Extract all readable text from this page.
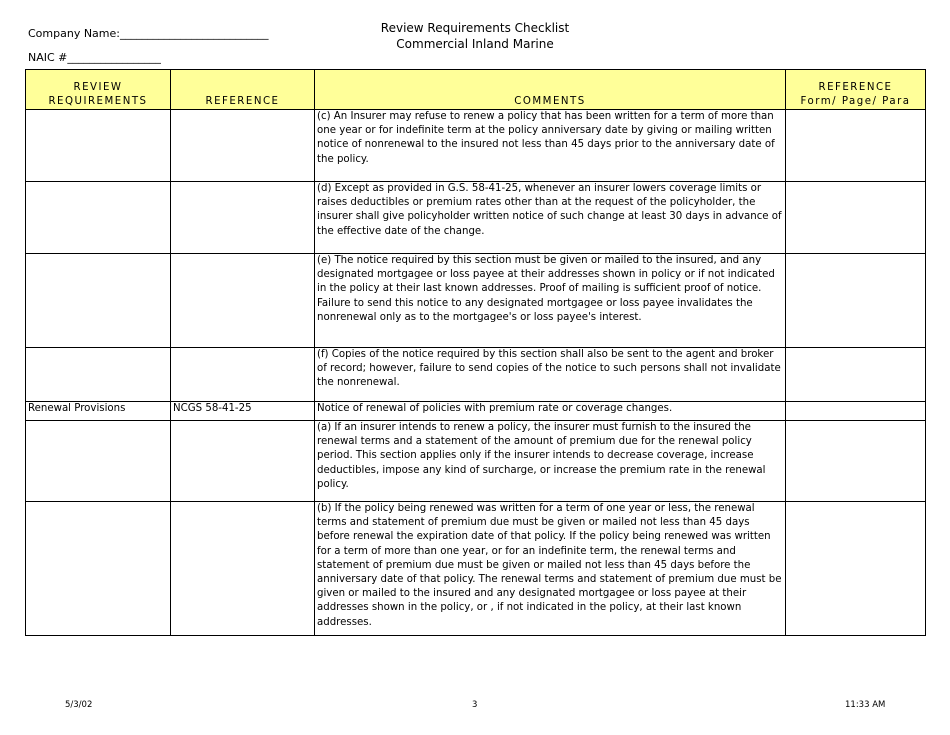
Company Name:___________________________
NAIC #_________________
Review Requirements Checklist
Commercial Inland Marine
REVIEW
REQUIREMENTS	REFERENCE	COMMENTS	REFERENCE
Form/ Page/ Para
		(c) An Insurer may refuse to renew a policy that has been written for a term of more than one year or for indefinite term at the policy anniversary date by giving or mailing written notice of nonrenewal to the insured not less than 45 days prior to the anniversary date of the policy.	
		(d) Except as provided in G.S. 58-41-25, whenever an insurer lowers coverage limits or raises deductibles or premium rates other than at the request of the policyholder, the insurer shall give policyholder written notice of such change at least 30 days in advance of the effective date of the change.	
		(e) The notice required by this section must be given or mailed to the insured, and any designated mortgagee or loss payee at their addresses shown in policy or if not indicated in the policy at their last known addresses. Proof of mailing is sufficient proof of notice. Failure to send this notice to any designated mortgagee or loss payee invalidates the nonrenewal only as to the mortgagee's or loss payee's interest.	
		(f) Copies of the notice required by this section shall also be sent to the agent and broker of record; however, failure to send copies of the notice to such persons shall not invalidate the nonrenewal.	
Renewal Provisions	NCGS 58-41-25	Notice of renewal of policies with premium rate or coverage changes.	
		(a) If an insurer intends to renew a policy, the insurer must furnish to the insured the renewal terms and a statement of the amount of premium due for the renewal policy period. This section applies only if the insurer intends to decrease coverage, increase deductibles, impose any kind of surcharge, or increase the premium rate in the renewal policy.	
		(b) If the policy being renewed was written for a term of one year or less, the renewal terms and statement of premium due must be given or mailed not less than 45 days before renewal the expiration date of that policy. If the policy being renewed was written for a term of more than one year, or for an indefinite term, the renewal terms and statement of premium due must be given or mailed not less than 45 days before the anniversary date of that policy. The renewal terms and statement of premium due must be given or mailed to the insured and any designated mortgagee or loss payee at their addresses shown in the policy, or , if not indicated in the policy, at their last known addresses.	
5/3/02	3	11:33 AM
